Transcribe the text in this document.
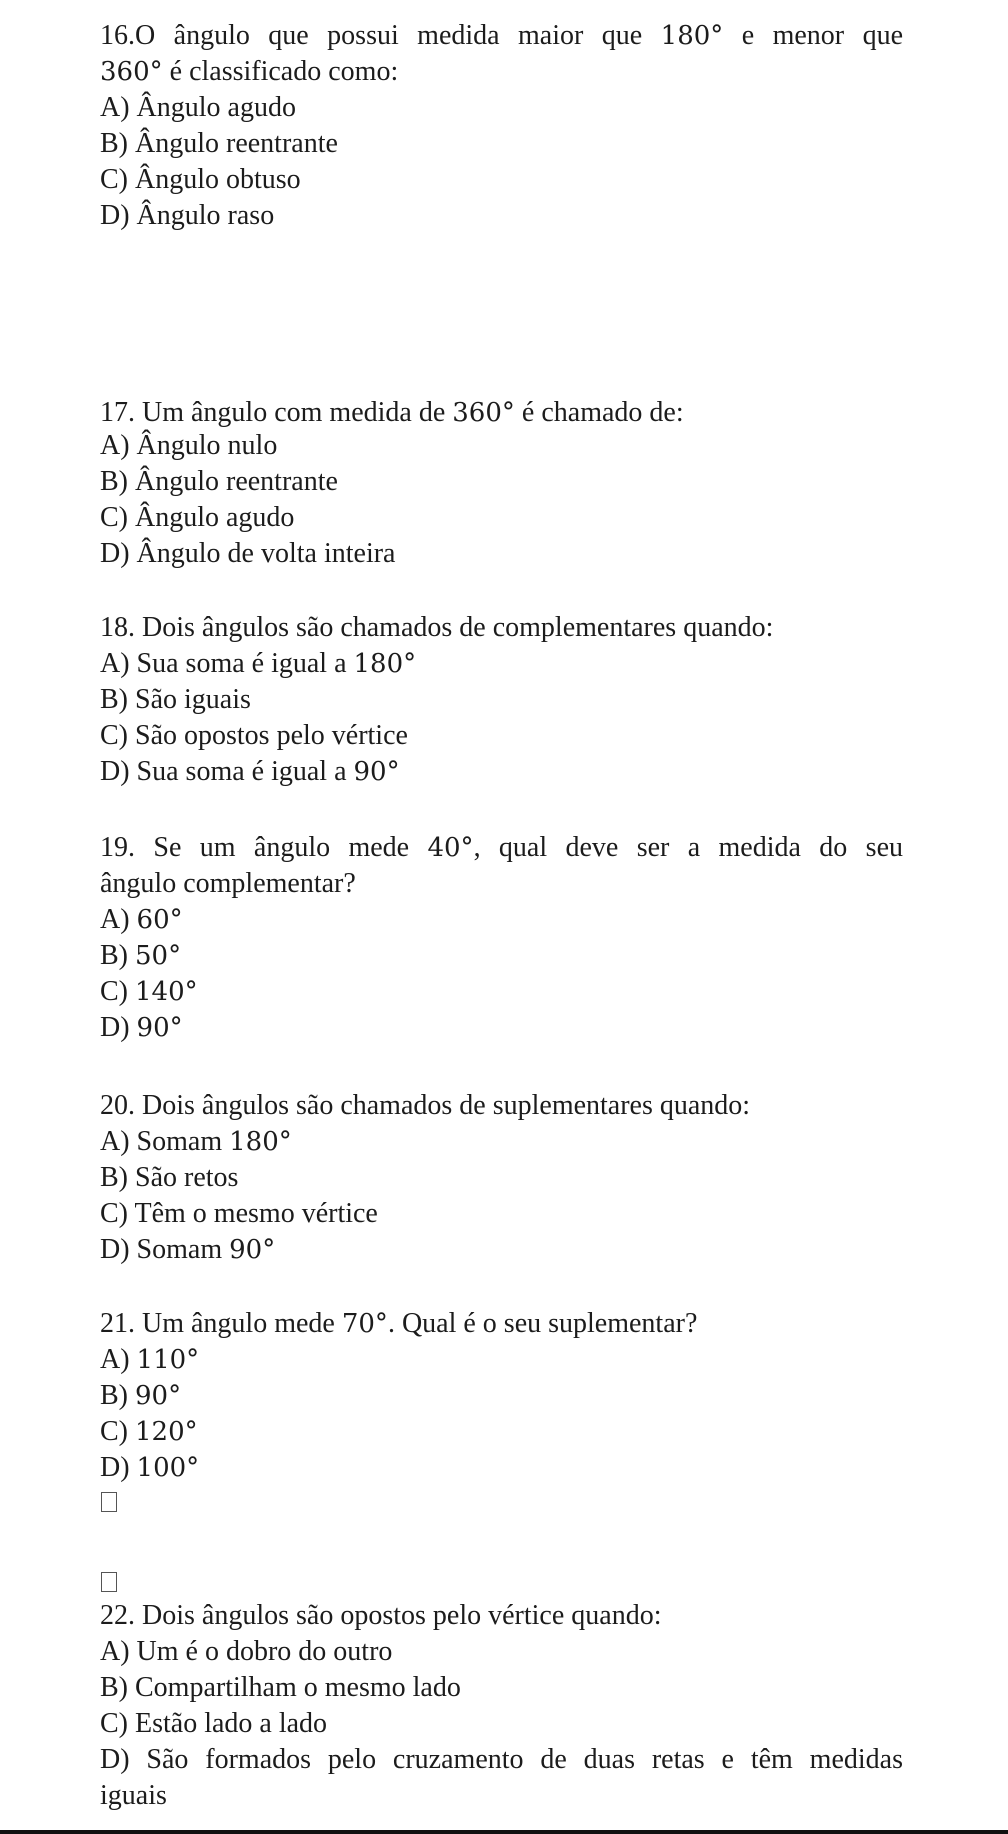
16.O ângulo que possui medida maior que 180° e menor que
360° é classificado como:
A) Ângulo agudo
B) Ângulo reentrante
C) Ângulo obtuso
D) Ângulo raso
17. Um ângulo com medida de 360° é chamado de:
A) Ângulo nulo
B) Ângulo reentrante
C) Ângulo agudo
D) Ângulo de volta inteira
18. Dois ângulos são chamados de complementares quando:
A) Sua soma é igual a 180°
B) São iguais
C) São opostos pelo vértice
D) Sua soma é igual a 90°
19. Se um ângulo mede 40°, qual deve ser a medida do seu
ângulo complementar?
A) 60°
B) 50°
C) 140°
D) 90°
20. Dois ângulos são chamados de suplementares quando:
A) Somam 180°
B) São retos
C) Têm o mesmo vértice
D) Somam 90°
21. Um ângulo mede 70°. Qual é o seu suplementar?
A) 110°
B) 90°
C) 120°
D) 100°
22. Dois ângulos são opostos pelo vértice quando:
A) Um é o dobro do outro
B) Compartilham o mesmo lado
C) Estão lado a lado
D) São formados pelo cruzamento de duas retas e têm medidas
iguais
